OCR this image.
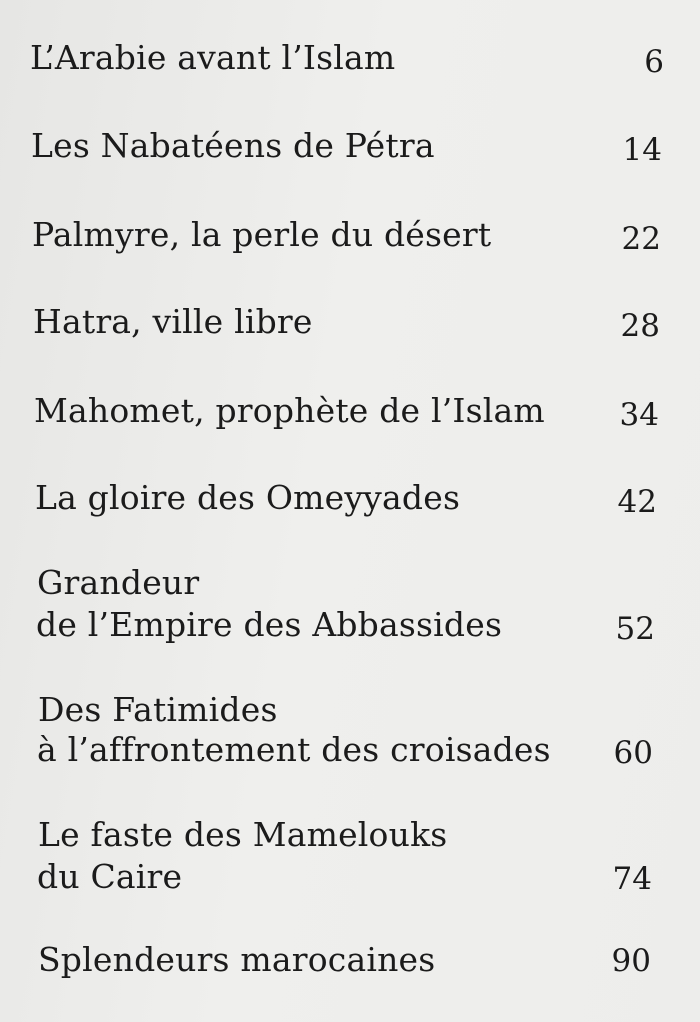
L’Arabie avant l’Islam	6
Les Nabatéens de Pétra	14
Palmyre, la perle du désert	22
Hatra, ville libre	28
Mahomet, prophète de l’Islam	34
La gloire des Omeyyades	42
Grandeur
de l’Empire des Abbassides	52
Des Fatimides
à l’affrontement des croisades	60
Le faste des Mamelouks
du Caire	74
Splendeurs marocaines	90
